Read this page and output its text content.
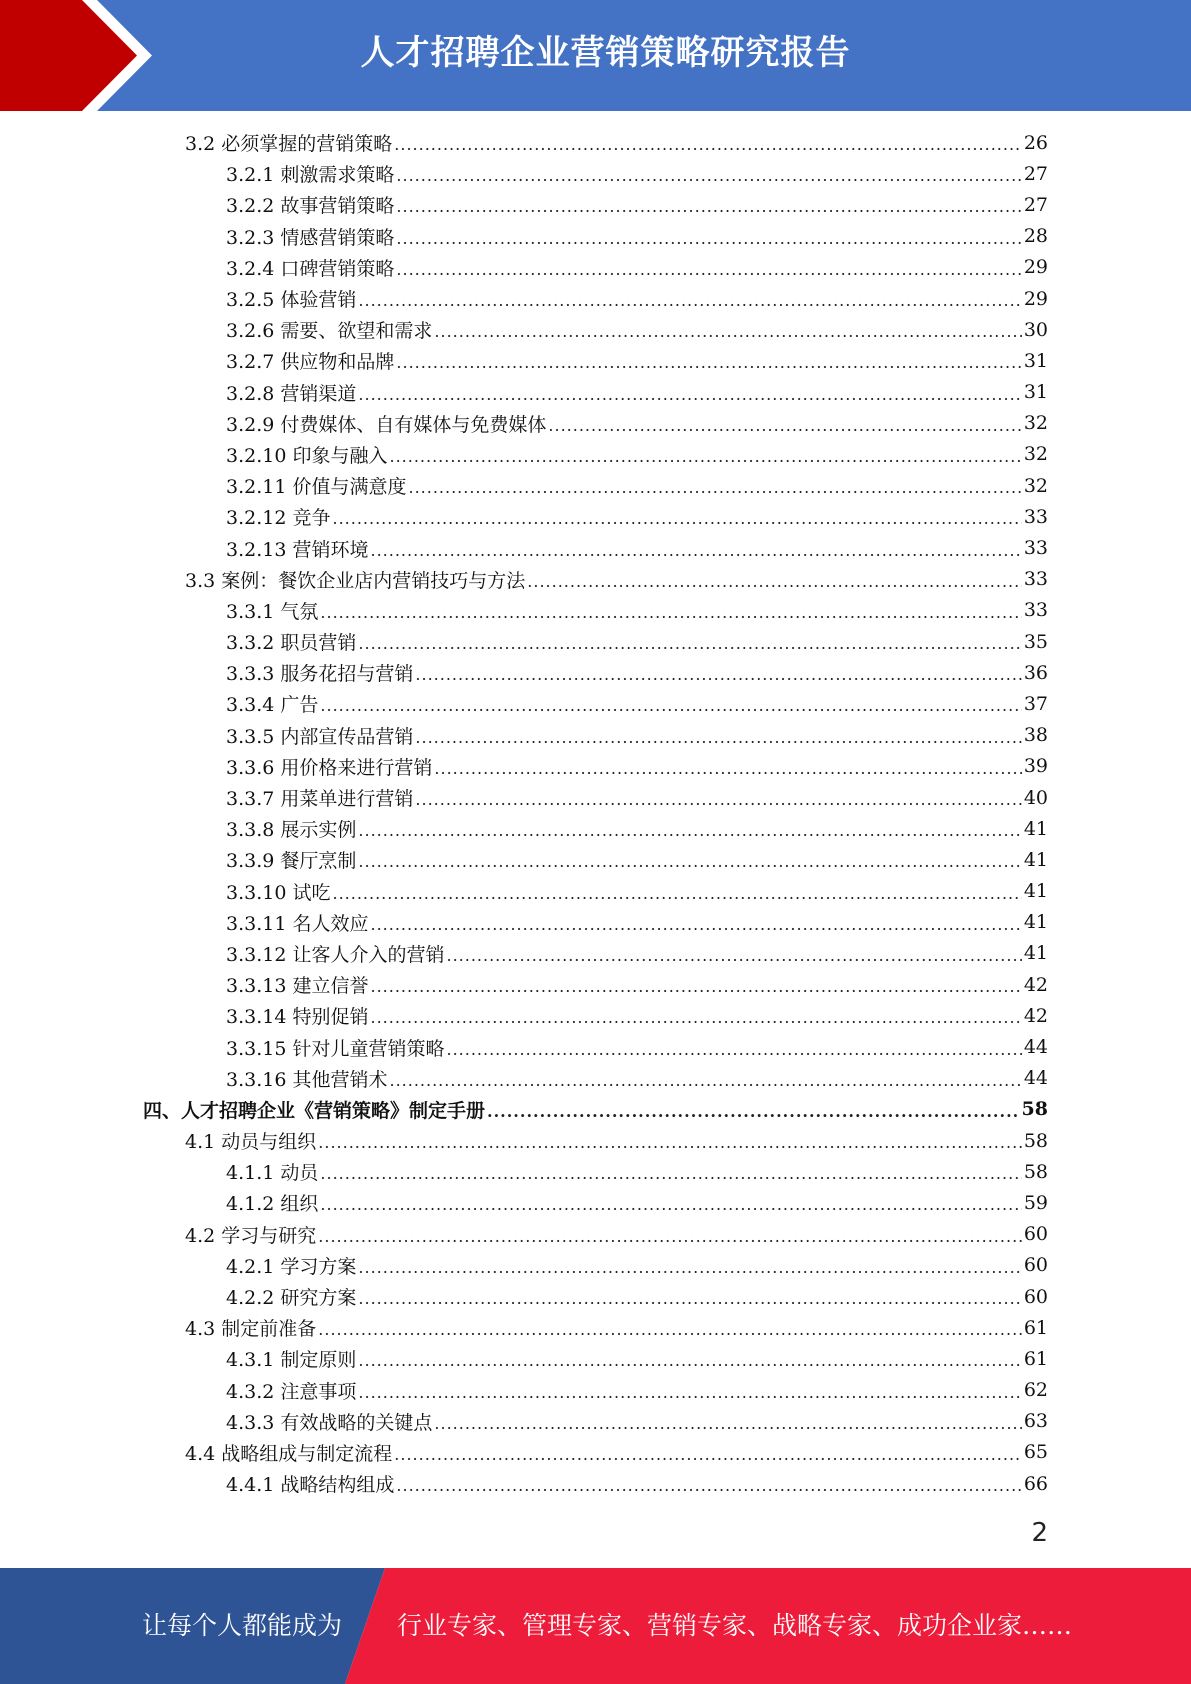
人才招聘企业营销策略研究报告
3.2 必须掌握的营销策略 .....	26
3.2.1 刺激需求策略 .....	27
3.2.2 故事营销策略 .....	27
3.2.3 情感营销策略 .....	28
3.2.4 口碑营销策略 .....	29
3.2.5 体验营销 .....	29
3.2.6 需要、欲望和需求 .....	30
3.2.7 供应物和品牌 .....	31
3.2.8 营销渠道 .....	31
3.2.9 付费媒体、自有媒体与免费媒体 .....	32
3.2.10 印象与融入 .....	32
3.2.11 价值与满意度 .....	32
3.2.12 竞争 .....	33
3.2.13 营销环境 .....	33
3.3 案例：餐饮企业店内营销技巧与方法 .....	33
3.3.1 气氛 .....	33
3.3.2 职员营销 .....	35
3.3.3 服务花招与营销 .....	36
3.3.4 广告 .....	37
3.3.5 内部宣传品营销 .....	38
3.3.6 用价格来进行营销 .....	39
3.3.7 用菜单进行营销 .....	40
3.3.8 展示实例 .....	41
3.3.9 餐厅烹制 .....	41
3.3.10 试吃 .....	41
3.3.11 名人效应 .....	41
3.3.12 让客人介入的营销 .....	41
3.3.13 建立信誉 .....	42
3.3.14 特别促销 .....	42
3.3.15 针对儿童营销策略 .....	44
3.3.16 其他营销术 .....	44
四、人才招聘企业《营销策略》制定手册 .....	58
4.1 动员与组织 .....	58
4.1.1 动员 .....	58
4.1.2 组织 .....	59
4.2 学习与研究 .....	60
4.2.1 学习方案 .....	60
4.2.2 研究方案 .....	60
4.3 制定前准备 .....	61
4.3.1 制定原则 .....	61
4.3.2 注意事项 .....	62
4.3.3 有效战略的关键点 .....	63
4.4 战略组成与制定流程 .....	65
4.4.1 战略结构组成 .....	66
2
让每个人都能成为 行业专家、管理专家、营销专家、战略专家、成功企业家……
